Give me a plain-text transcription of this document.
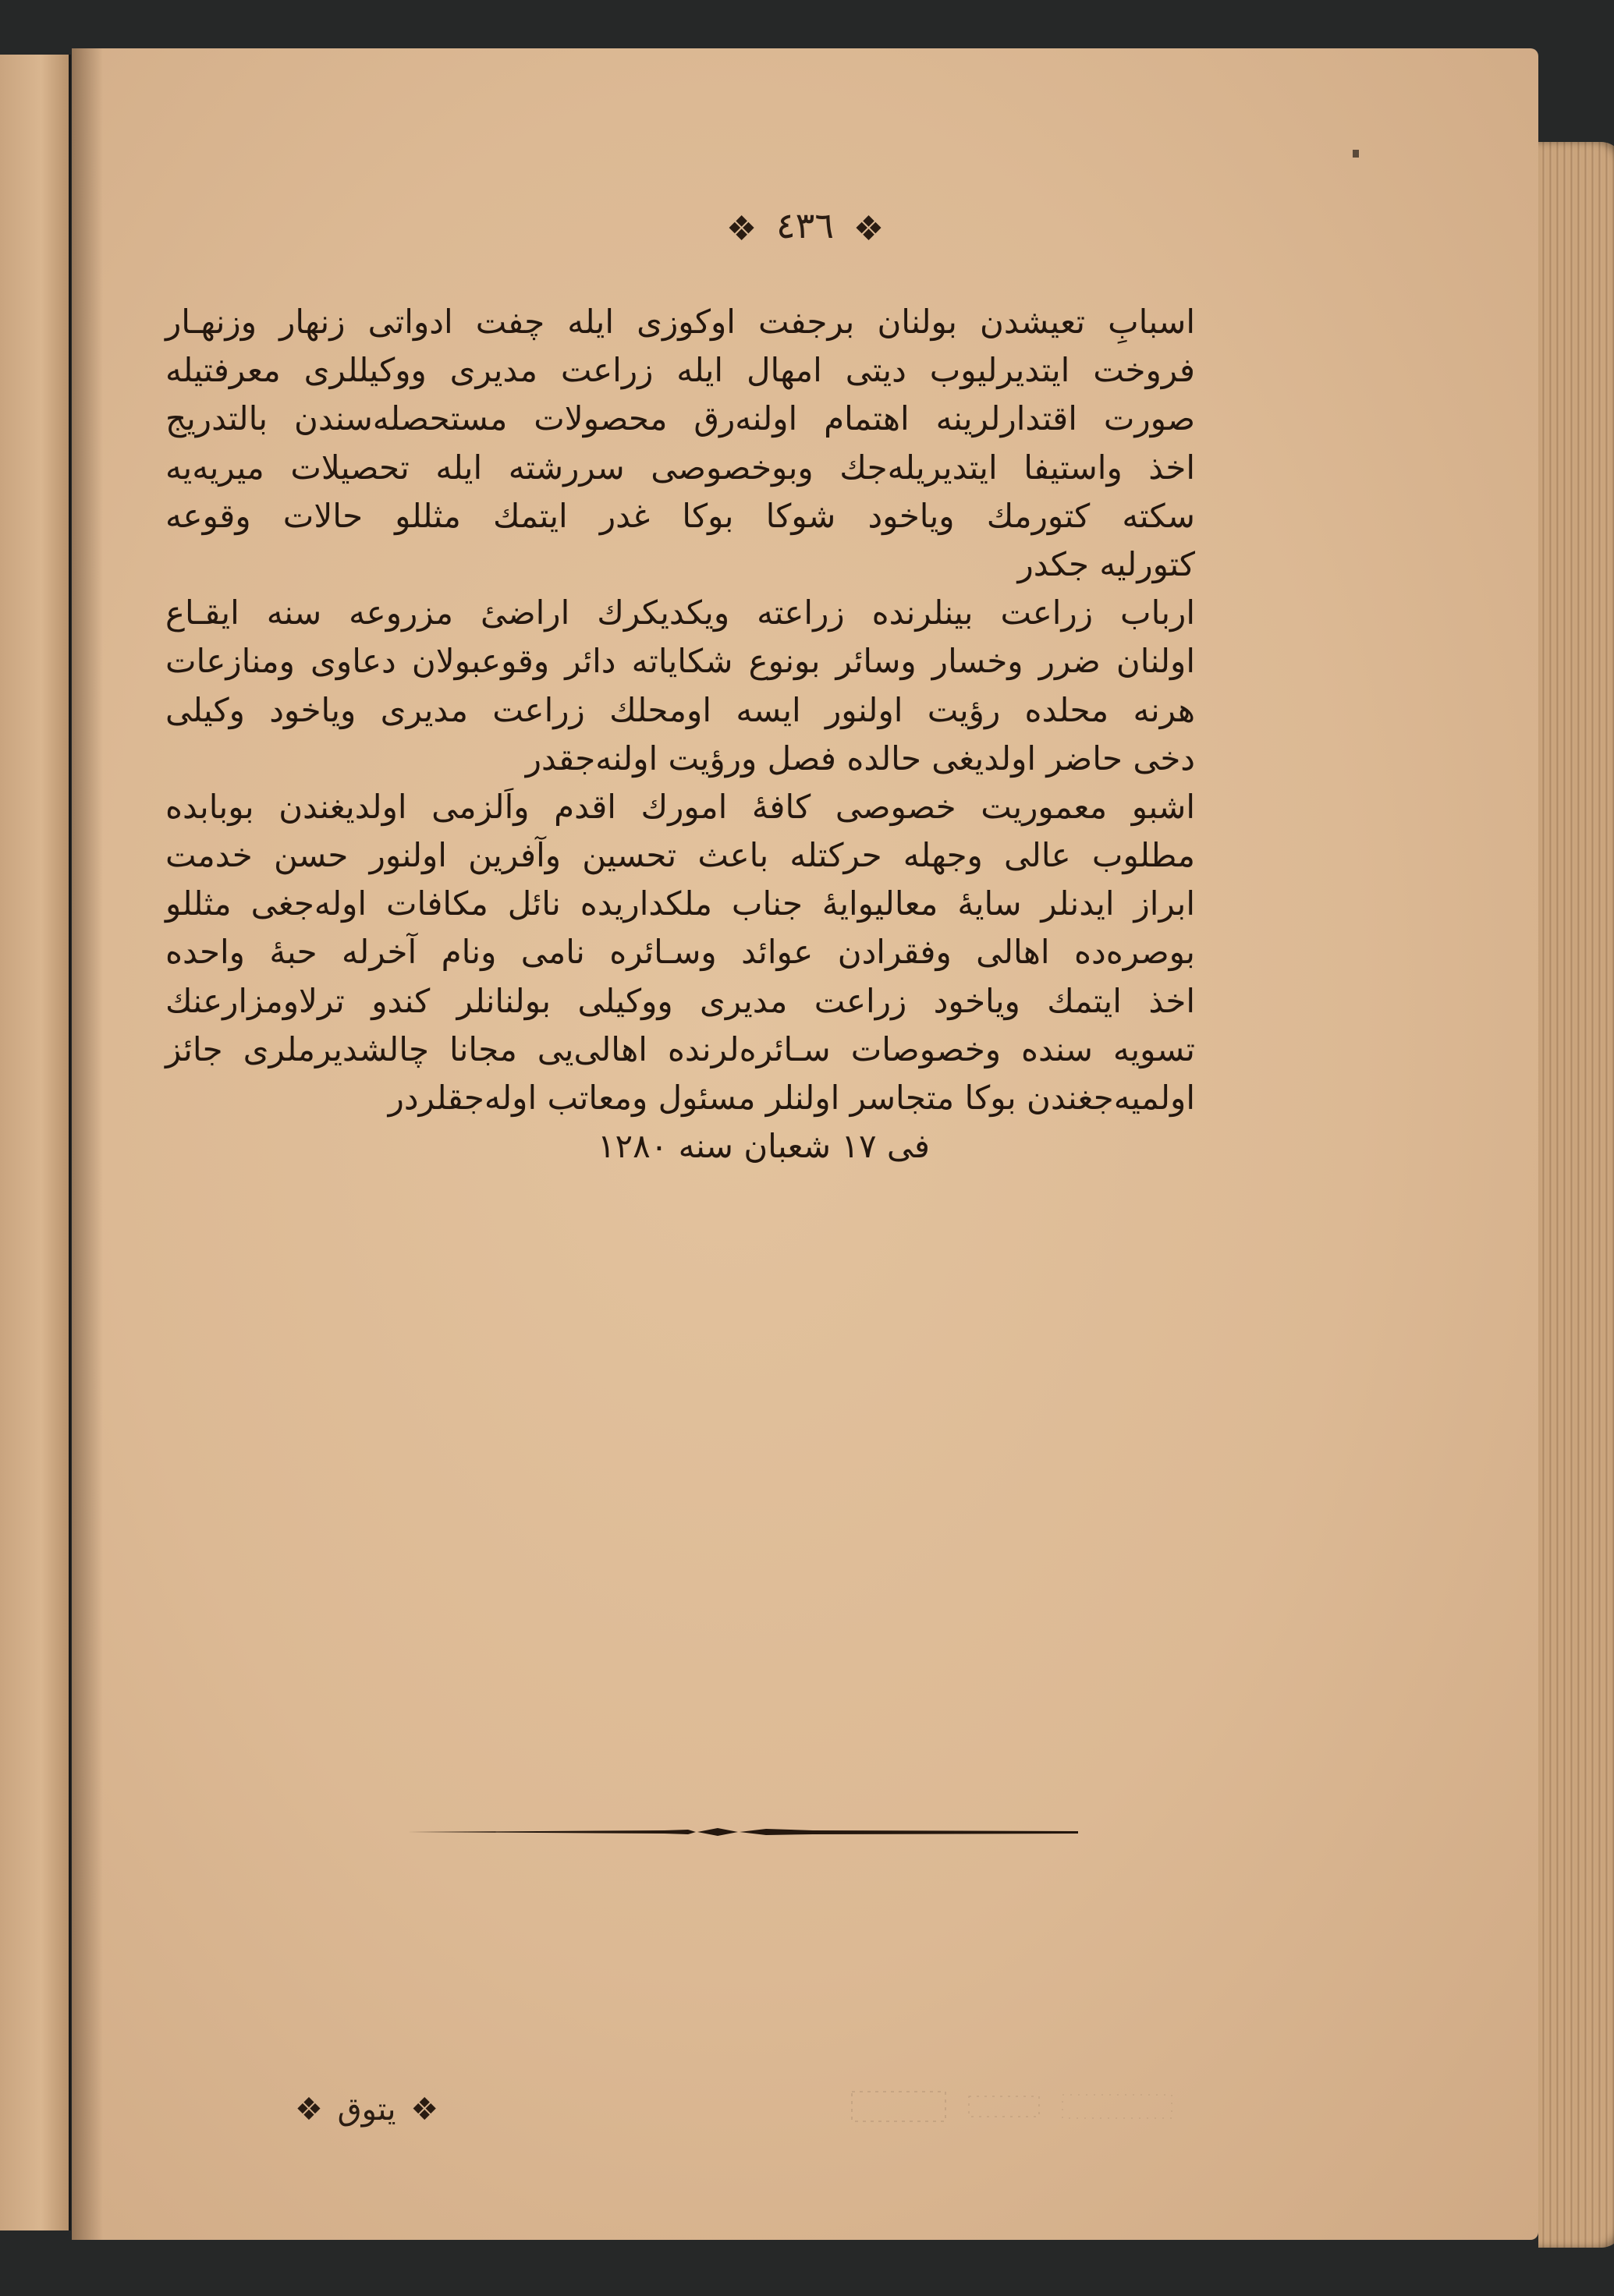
❖ ٤٣٦ ❖
اسبابِ تعیشدن بولنان برجفت اوکوزی ایله چفت ادواتی زنهار وزنهـار
فروخت ایتدیرلیوب دیتی امهال ایله زراعت مدیری ووکیللری معرفتیله
صورت اقتدارلرینه اهتمام اولنه‌رق محصولات مستحصله‌سندن بالتدریج
اخذ واستیفا ایتدیریله‌جك وبوخصوصی سررشته ایله تحصیلات میریه‌یه
سکته کتورمك وياخود شوکا بوکا غدر ایتمك مثللو حالات وقوعه
کتورلیه جکدر
ارباب زراعت بینلرنده زراعته ویکدیکرك اراضیٔ مزروعه سنه ایقـاع
اولنان ضرر وخسار وسائر بونوع شکایاته دائر وقوعبولان دعاوی ومنازعات
هرنه محلده رؤیت اولنور ایسه اومحلك زراعت مدیری وياخود وکیلی
دخی حاضر اولدیغی حالده فصل ورؤیت اولنه‌جقدر
اشبو معموریت خصوصی کافهٔ امورك اقدم واَلزمی اولدیغندن بوبابده
مطلوب عالی وجهله حرکتله باعث تحسین وآفرین اولنور حسن خدمت
ابراز ایدنلر سایهٔ معالیوایهٔ جناب ملکداریده نائل مکافات اوله‌جغی مثللو
بوصره‌ده اهالی وفقرادن عوائد وسـائره نامی ونام آخرله حبهٔ واحده
اخذ ایتمك وياخود زراعت مدیری ووکیلی بولنانلر کندو ترلاومزارعنك
تسویه سنده وخصوصات سـائره‌لرنده اهالی‌یی مجانا چالشدیرملری جائز
اولمیه‌جغندن بوکا متجاسر اولنلر مسئول ومعاتب اوله‌جقلردر
فی ١٧ شعبان سنه ١٢٨٠
❖ یتوق ❖
